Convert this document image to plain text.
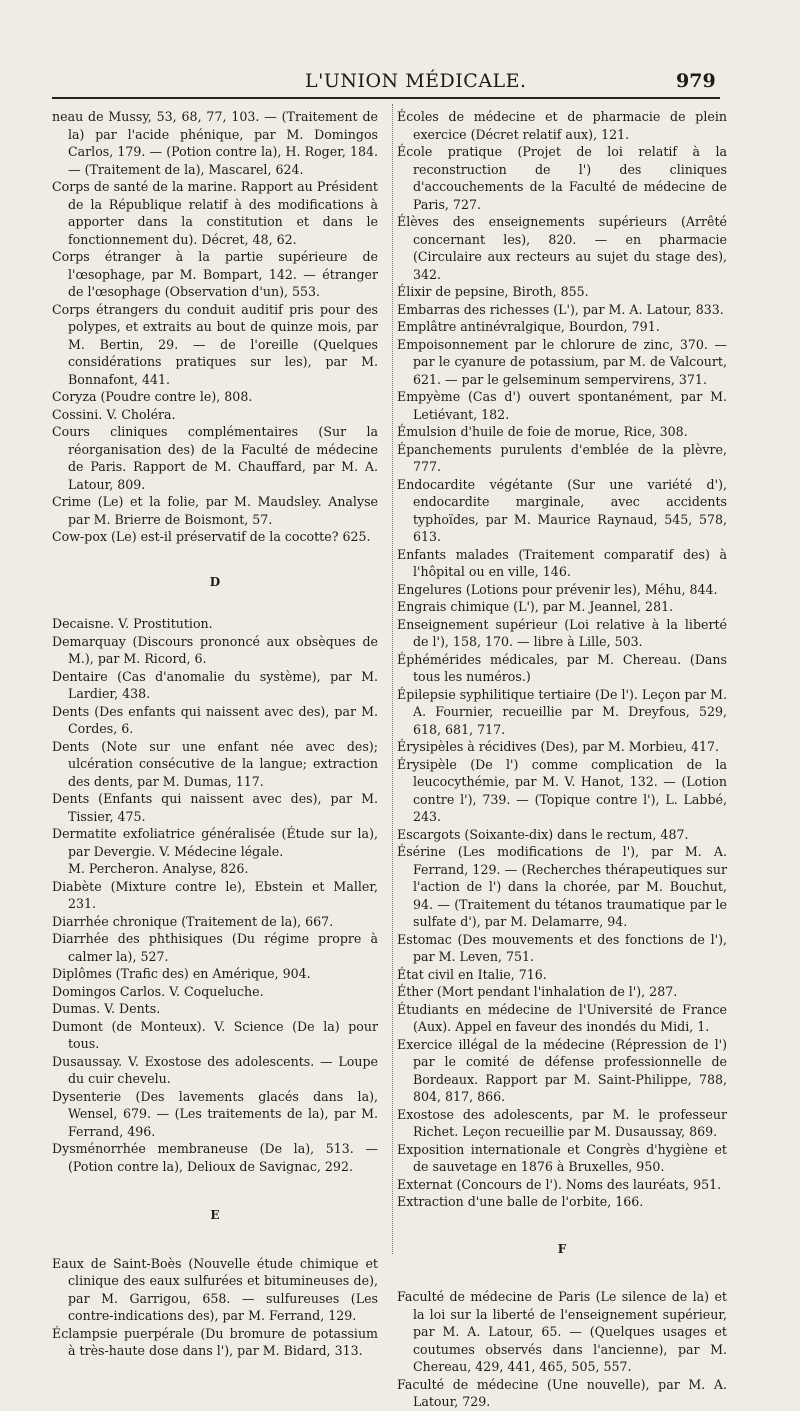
L'UNION MÉDICALE.	979

neau de Mussy, 53, 68, 77, 103. — (Traitement de la) par l'acide phénique, par M. Domingos Carlos, 179. — (Potion contre la), H. Roger, 184. — (Traitement de la), Mascarel, 624.

Corps de santé de la marine. Rapport au Président de la République relatif à des modifications à apporter dans la constitution et dans le fonctionnement du). Décret, 48, 62.

Corps étranger à la partie supérieure de l'œsophage, par M. Bompart, 142. — étranger de l'œsophage (Observation d'un), 553.

Corps étrangers du conduit auditif pris pour des polypes, et extraits au bout de quinze mois, par M. Bertin, 29. — de l'oreille (Quelques considérations pratiques sur les), par M. Bonnafont, 441.

Coryza (Poudre contre le), 808.

Cossini. V. Choléra.

Cours cliniques complémentaires (Sur la réorganisation des) de la Faculté de médecine de Paris. Rapport de M. Chauffard, par M. A. Latour, 809.

Crime (Le) et la folie, par M. Maudsley. Analyse par M. Brierre de Boismont, 57.

Cow-pox (Le) est-il préservatif de la cocotte? 625.

D

Decaisne. V. Prostitution.

Demarquay (Discours prononcé aux obsèques de M.), par M. Ricord, 6.

Dentaire (Cas d'anomalie du système), par M. Lardier, 438.

Dents (Des enfants qui naissent avec des), par M. Cordes, 6.

Dents (Note sur une enfant née avec des); ulcération consécutive de la langue; extraction des dents, par M. Dumas, 117.

Dents (Enfants qui naissent avec des), par M. Tissier, 475.

Dermatite exfoliatrice généralisée (Étude sur la), par Devergie. V. Médecine légale.

M. Percheron. Analyse, 826.

Diabète (Mixture contre le), Ebstein et Maller, 231.

Diarrhée chronique (Traitement de la), 667.

Diarrhée des phthisiques (Du régime propre à calmer la), 527.

Diplômes (Trafic des) en Amérique, 904.

Domingos Carlos. V. Coqueluche.

Dumas. V. Dents.

Dumont (de Monteux). V. Science (De la) pour tous.

Dusaussay. V. Exostose des adolescents. — Loupe du cuir chevelu.

Dysenterie (Des lavements glacés dans la), Wensel, 679. — (Les traitements de la), par M. Ferrand, 496.

Dysménorrhée membraneuse (De la), 513. — (Potion contre la), Delioux de Savignac, 292.

E

Eaux de Saint-Boès (Nouvelle étude chimique et clinique des eaux sulfurées et bitumineuses de), par M. Garrigou, 658. — sulfureuses (Les contre-indications des), par M. Ferrand, 129.

Éclampsie puerpérale (Du bromure de potassium à très-haute dose dans l'), par M. Bidard, 313.

Écoles de médecine et de pharmacie de plein exercice (Décret relatif aux), 121.

École pratique (Projet de loi relatif à la reconstruction de l') des cliniques d'accouchements de la Faculté de médecine de Paris, 727.

Élèves des enseignements supérieurs (Arrêté concernant les), 820. — en pharmacie (Circulaire aux recteurs au sujet du stage des), 342.

Élixir de pepsine, Biroth, 855.

Embarras des richesses (L'), par M. A. Latour, 833.

Emplâtre antinévralgique, Bourdon, 791.

Empoisonnement par le chlorure de zinc, 370. — par le cyanure de potassium, par M. de Valcourt, 621. — par le gelseminum sempervirens, 371.

Empyème (Cas d') ouvert spontanément, par M. Letiévant, 182.

Émulsion d'huile de foie de morue, Rice, 308.

Épanchements purulents d'emblée de la plèvre, 777.

Endocardite végétante (Sur une variété d'), endocardite marginale, avec accidents typhoïdes, par M. Maurice Raynaud, 545, 578, 613.

Enfants malades (Traitement comparatif des) à l'hôpital ou en ville, 146.

Engelures (Lotions pour prévenir les), Méhu, 844.

Engrais chimique (L'), par M. Jeannel, 281.

Enseignement supérieur (Loi relative à la liberté de l'), 158, 170. — libre à Lille, 503.

Éphémérides médicales, par M. Chereau. (Dans tous les numéros.)

Épilepsie syphilitique tertiaire (De l'). Leçon par M. A. Fournier, recueillie par M. Dreyfous, 529, 618, 681, 717.

Érysipèles à récidives (Des), par M. Morbieu, 417.

Érysipèle (De l') comme complication de la leucocythémie, par M. V. Hanot, 132. — (Lotion contre l'), 739. — (Topique contre l'), L. Labbé, 243.

Escargots (Soixante-dix) dans le rectum, 487.

Ésérine (Les modifications de l'), par M. A. Ferrand, 129. — (Recherches thérapeutiques sur l'action de l') dans la chorée, par M. Bouchut, 94. — (Traitement du tétanos traumatique par le sulfate d'), par M. Delamarre, 94.

Estomac (Des mouvements et des fonctions de l'), par M. Leven, 751.

État civil en Italie, 716.

Éther (Mort pendant l'inhalation de l'), 287.

Étudiants en médecine de l'Université de France (Aux). Appel en faveur des inondés du Midi, 1.

Exercice illégal de la médecine (Répression de l') par le comité de défense professionnelle de Bordeaux. Rapport par M. Saint-Philippe, 788, 804, 817, 866.

Exostose des adolescents, par M. le professeur Richet. Leçon recueillie par M. Dusaussay, 869.

Exposition internationale et Congrès d'hygiène et de sauvetage en 1876 à Bruxelles, 950.

Externat (Concours de l'). Noms des lauréats, 951.

Extraction d'une balle de l'orbite, 166.

F

Faculté de médecine de Paris (Le silence de la) et la loi sur la liberté de l'enseignement supérieur, par M. A. Latour, 65. — (Quelques usages et coutumes observés dans l'ancienne), par M. Chereau, 429, 441, 465, 505, 557.

Faculté de médecine (Une nouvelle), par M. A. Latour, 729.
